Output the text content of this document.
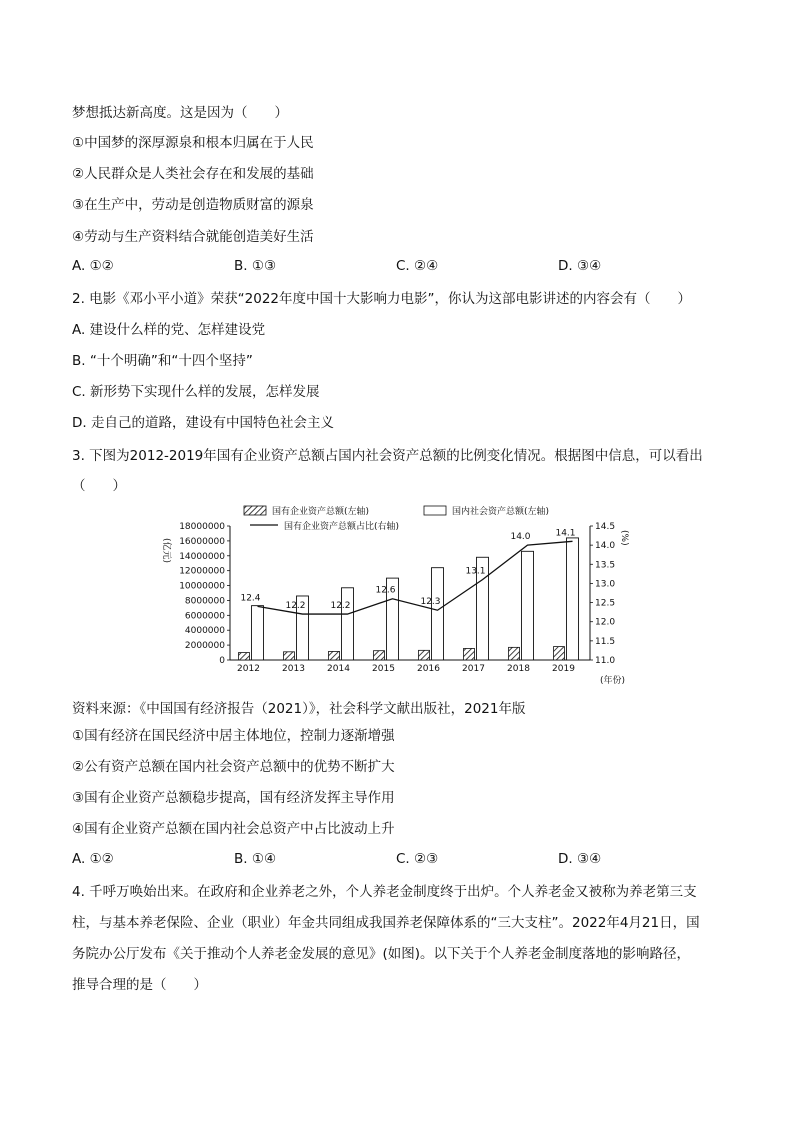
梦想抵达新高度。这是因为（　　）
①中国梦的深厚源泉和根本归属在于人民
②人民群众是人类社会存在和发展的基础
③在生产中，劳动是创造物质财富的源泉
④劳动与生产资料结合就能创造美好生活
A. ①②	B. ①③	C. ②④	D. ③④
2. 电影《邓小平小道》荣获“2022年度中国十大影响力电影”，你认为这部电影讲述的内容会有（　　）
A. 建设什么样的党、怎样建设党
B. “十个明确”和“十四个坚持”
C. 新形势下实现什么样的发展，怎样发展
D. 走自己的道路，建设有中国特色社会主义
3. 下图为2012-2019年国有企业资产总额占国内社会资产总额的比例变化情况。根据图中信息，可以看出
（　　）
国有企业资产总额(左轴)	国内社会资产总额(左轴)
国有企业资产总额占比(右轴)
(亿元)
(%)
(年份)
18000000
16000000
14000000
12000000
10000000
8000000
6000000
4000000
2000000
0
14.5
14.0
13.5
13.0
12.5
12.0
11.5
11.0
2012 2013 2014 2015 2016 2017 2018 2019
12.4
12.2	12.2
12.6
12.3
13.1
14.0	14.1
资料来源：《中国国有经济报告（2021）》，社会科学文献出版社，2021年版
①国有经济在国民经济中居主体地位，控制力逐渐增强
②公有资产总额在国内社会资产总额中的优势不断扩大
③国有企业资产总额稳步提高，国有经济发挥主导作用
④国有企业资产总额在国内社会总资产中占比波动上升
A. ①②	B. ①④	C. ②③	D. ③④
4. 千呼万唤始出来。在政府和企业养老之外，个人养老金制度终于出炉。个人养老金又被称为养老第三支
柱，与基本养老保险、企业（职业）年金共同组成我国养老保障体系的“三大支柱”。2022年4月21日，国
务院办公厅发布《关于推动个人养老金发展的意见》(如图)。以下关于个人养老金制度落地的影响路径，
推导合理的是（　　）
